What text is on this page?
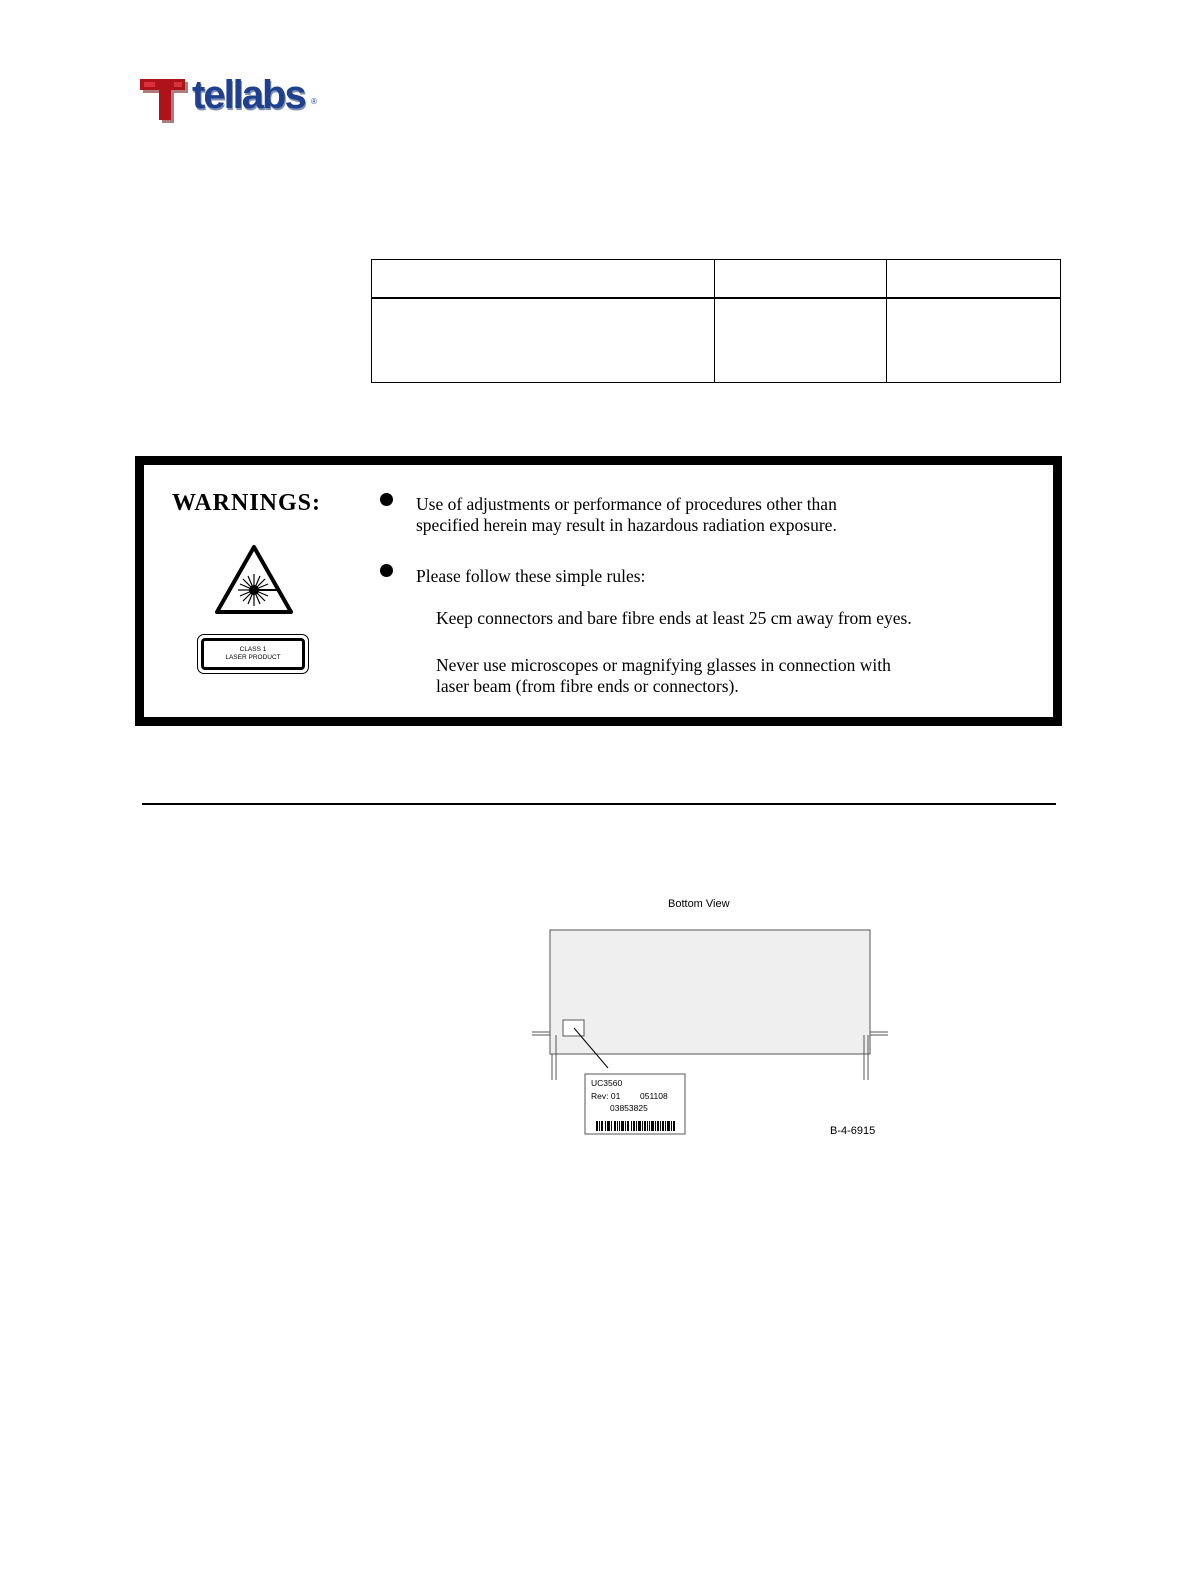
tellabs ®

WARNINGS:
CLASS 1
LASER PRODUCT
Use of adjustments or performance of procedures other than
specified herein may result in hazardous radiation exposure.
Please follow these simple rules:
Keep connectors and bare fibre ends at least 25 cm away from eyes.
Never use microscopes or magnifying glasses in connection with
laser beam (from fibre ends or connectors).
Bottom View
UC3560
Rev: 01 051108
03853825
B-4-6915
